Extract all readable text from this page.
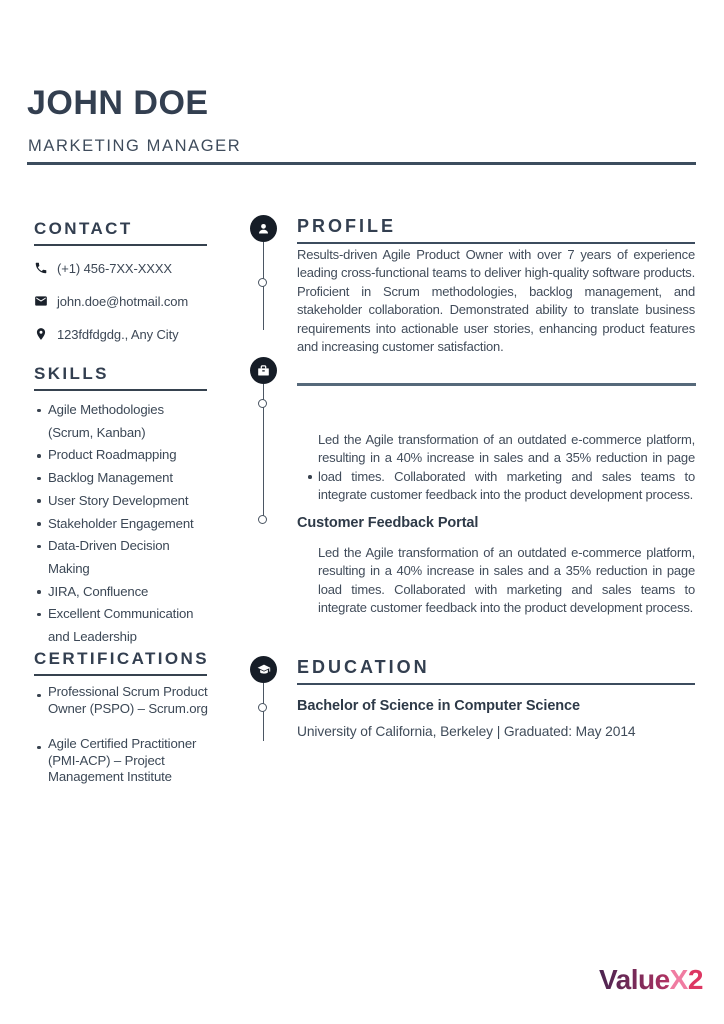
JOHN DOE
MARKETING MANAGER
CONTACT
(+1) 456-7XX-XXXX
john.doe@hotmail.com
123fdfdgdg., Any City
SKILLS
Agile Methodologies (Scrum, Kanban)
Product Roadmapping
Backlog Management
User Story Development
Stakeholder Engagement
Data-Driven Decision Making
JIRA, Confluence
Excellent Communication and Leadership
CERTIFICATIONS
Professional Scrum Product Owner (PSPO) – Scrum.org
Agile Certified Practitioner (PMI-ACP) – Project Management Institute
PROFILE

Results-driven Agile Product Owner with over 7 years of experience leading cross-functional teams to deliver high-quality software products. Proficient in Scrum methodologies, backlog management, and stakeholder collaboration. Demonstrated ability to translate business requirements into actionable user stories, enhancing product features and increasing customer satisfaction.

Led the Agile transformation of an outdated e-commerce platform, resulting in a 40% increase in sales and a 35% reduction in page load times. Collaborated with marketing and sales teams to integrate customer feedback into the product development process.

Customer Feedback Portal

Led the Agile transformation of an outdated e-commerce platform, resulting in a 40% increase in sales and a 35% reduction in page load times. Collaborated with marketing and sales teams to integrate customer feedback into the product development process.

EDUCATION
Bachelor of Science in Computer Science
University of California, Berkeley | Graduated: May 2014
ValueX2
